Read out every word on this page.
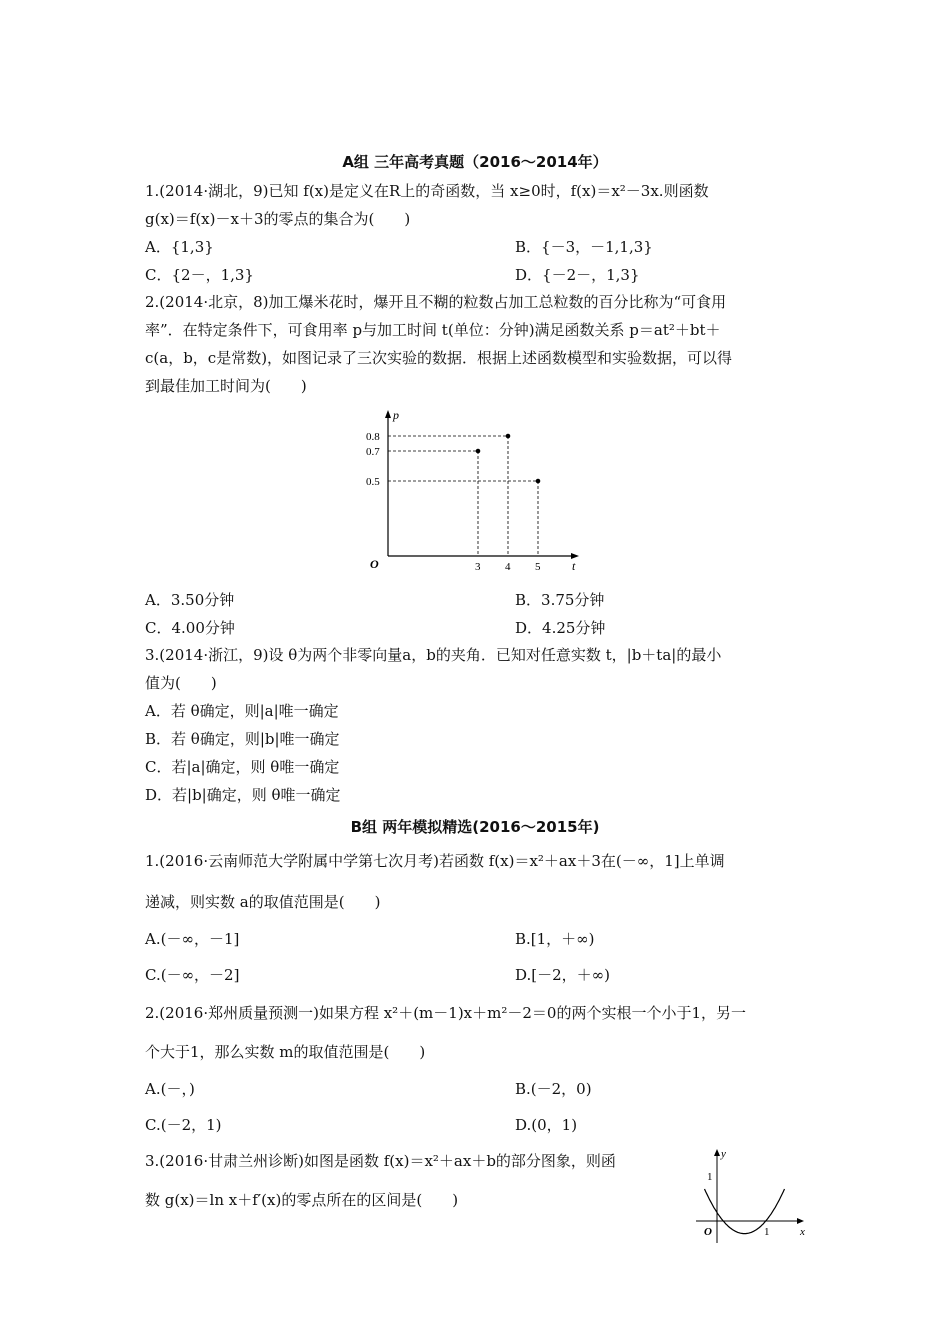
A组 三年高考真题（2016～2014年）
1.(2014·湖北，9)已知 f(x)是定义在R上的奇函数，当 x≥0时，f(x)＝x²－3x.则函数
g(x)＝f(x)－x＋3的零点的集合为(　　)
A．{1,3}	B．{－3，－1,1,3}
C．{2－，1,3}	D．{－2－，1,3}
2.(2014·北京，8)加工爆米花时，爆开且不糊的粒数占加工总粒数的百分比称为“可食用
率”．在特定条件下，可食用率 p与加工时间 t(单位：分钟)满足函数关系 p＝at²＋bt＋
c(a，b，c是常数)，如图记录了三次实验的数据．根据上述函数模型和实验数据，可以得
到最佳加工时间为(　　)
t
p
O	3 4 5
0.5
0.7
0.8
A．3.50分钟	B．3.75分钟
C．4.00分钟	D．4.25分钟
3.(2014·浙江，9)设 θ为两个非零向量a，b的夹角．已知对任意实数 t，|b＋ta|的最小
值为(　　)
A．若 θ确定，则|a|唯一确定
B．若 θ确定，则|b|唯一确定
C．若|a|确定，则 θ唯一确定
D．若|b|确定，则 θ唯一确定
B组 两年模拟精选(2016～2015年)
1.(2016·云南师范大学附属中学第七次月考)若函数 f(x)＝x²＋ax＋3在(－∞，1]上单调
递减，则实数 a的取值范围是(　　)
A.(－∞，－1]	B.[1，＋∞)
C.(－∞，－2]	D.[－2，＋∞)
2.(2016·郑州质量预测一)如果方程 x²＋(m－1)x＋m²－2＝0的两个实根一个小于1，另一
个大于1，那么实数 m的取值范围是(　　)
A.(－，)	B.(－2，0)
C.(－2，1)	D.(0，1)
3.(2016·甘肃兰州诊断)如图是函数 f(x)＝x²＋ax＋b的部分图象，则函
数 g(x)＝ln x＋f′(x)的零点所在的区间是(　　)
x
y
O	1
1
